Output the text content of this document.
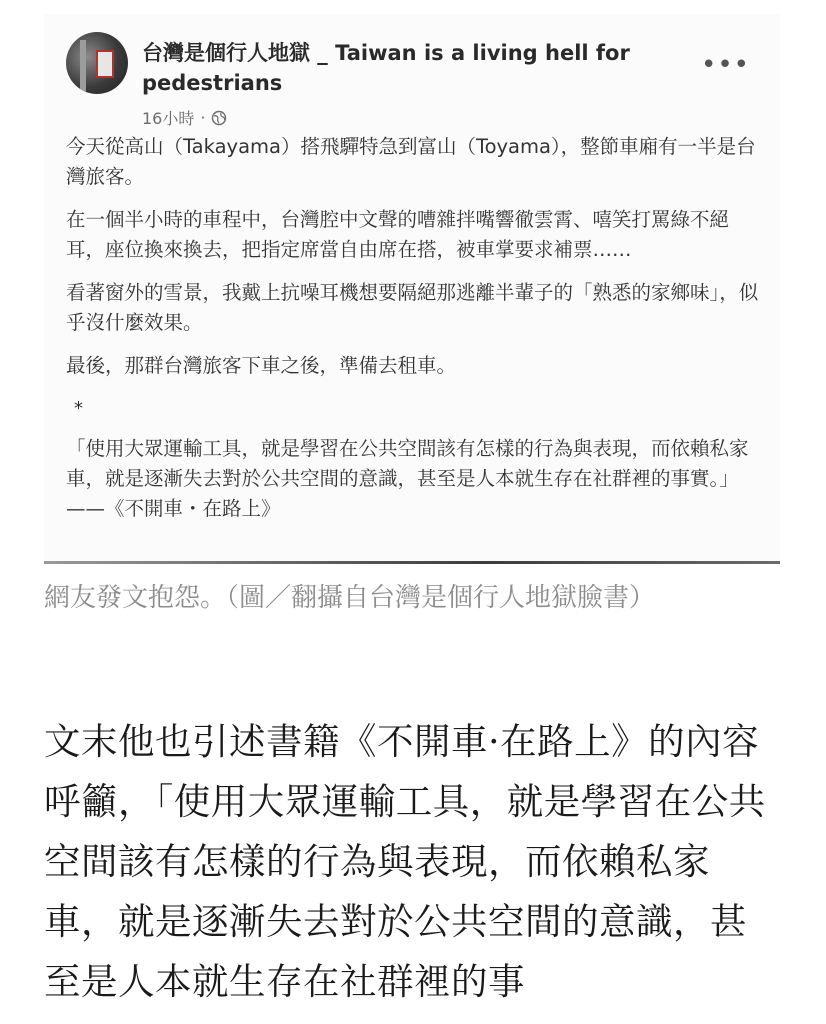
台灣是個行人地獄 _ Taiwan is a living hell for pedestrians
16小時 ·
•••

今天從高山（Takayama）搭飛驒特急到富山（Toyama），整節車廂有一半是台灣旅客。

在一個半小時的車程中，台灣腔中文聲的嘈雜拌嘴響徹雲霄、嘻笑打罵綠不絕耳，座位換來換去，把指定席當自由席在搭，被車掌要求補票……

看著窗外的雪景，我戴上抗噪耳機想要隔絕那逃離半輩子的「熟悉的家鄉味」，似乎沒什麼效果。

最後，那群台灣旅客下車之後，準備去租車。

*

「使用大眾運輸工具，就是學習在公共空間該有怎樣的行為與表現，而依賴私家車，就是逐漸失去對於公共空間的意識，甚至是人本就生存在社群裡的事實。」——《不開車・在路上》

網友發文抱怨。（圖／翻攝自台灣是個行人地獄臉書）

文末他也引述書籍《不開車·在路上》的內容呼籲，「使用大眾運輸工具，就是學習在公共空間該有怎樣的行為與表現，而依賴私家車，就是逐漸失去對於公共空間的意識，甚至是人本就生存在社群裡的事
